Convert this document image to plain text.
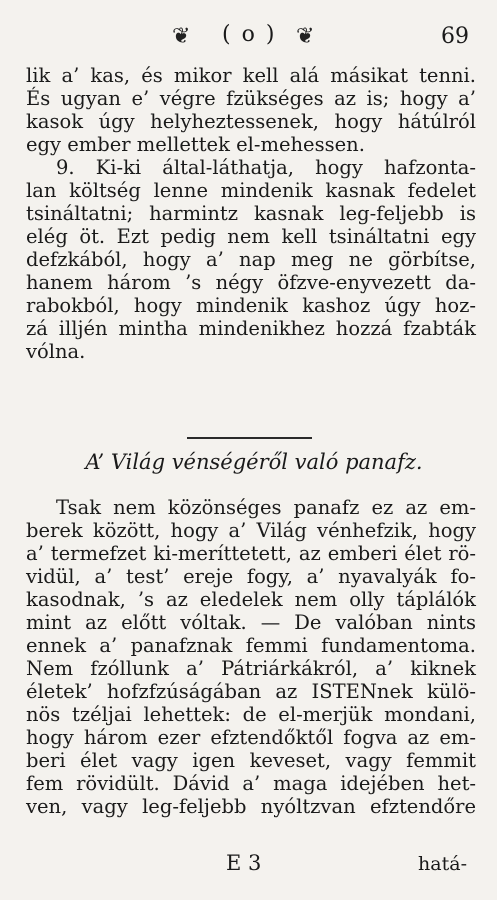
❦ ( o ) ❦	69
lik a’ kas, és mikor kell alá másikat tenni.
És ugyan e’ végre fzükséges az is; hogy a’
kasok úgy helyheztessenek, hogy hátúlról
egy ember mellettek el-mehessen.
9. Ki-ki által-láthatja, hogy hafzonta-
lan költség lenne mindenik kasnak fedelet
tsináltatni; harmintz kasnak leg-feljebb is
elég öt. Ezt pedig nem kell tsináltatni egy
defzkából, hogy a’ nap meg ne görbítse,
hanem három ’s négy öfzve-enyvezett da-
rabokból, hogy mindenik kashoz úgy hoz-
zá illjén mintha mindenikhez hozzá fzabták
vólna.
A’ Világ vénségéről való panafz.
Tsak nem közönséges panafz ez az em-
berek között, hogy a’ Világ vénhefzik, hogy
a’ termefzet ki-meríttetett, az emberi élet rö-
vidül, a’ test’ ereje fogy, a’ nyavalyák fo-
kasodnak, ’s az eledelek nem olly táplálók
mint az előtt vóltak. — De valóban nints
ennek a’ panafznak femmi fundamentoma.
Nem fzóllunk a’ Pátriárkákról, a’ kiknek
életek’ hofzfzúságában az ISTENnek külö-
nös tzéljai lehettek: de el-merjük mondani,
hogy három ezer efztendőktől fogva az em-
beri élet vagy igen keveset, vagy femmit
fem rövidült. Dávid a’ maga idejében het-
ven, vagy leg-feljebb nyóltzvan efztendőre
E 3	hatá-
